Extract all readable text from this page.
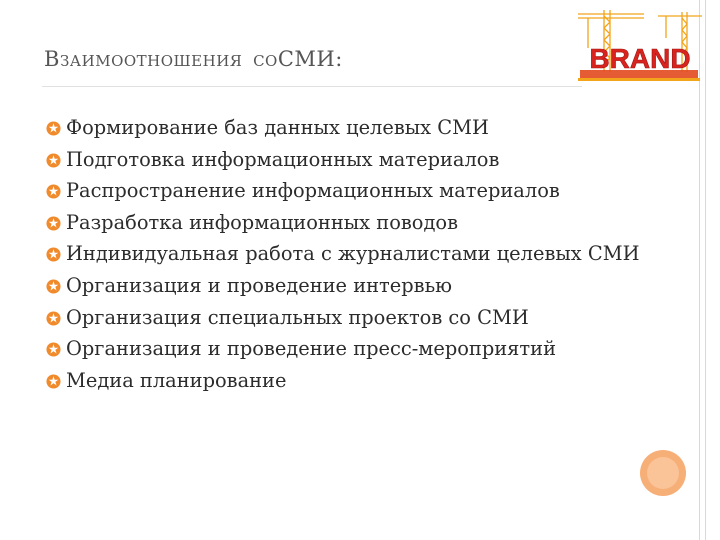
ВЗАИМООТНОШЕНИЯ СОСМИ:	BRAND
Формирование баз данных целевых СМИ
Подготовка информационных материалов
Распространение информационных материалов
Разработка информационных поводов
Индивидуальная работа с журналистами целевых СМИ
Организация и проведение интервью
Организация специальных проектов со СМИ
Организация и проведение пресс-мероприятий
Медиа планирование
